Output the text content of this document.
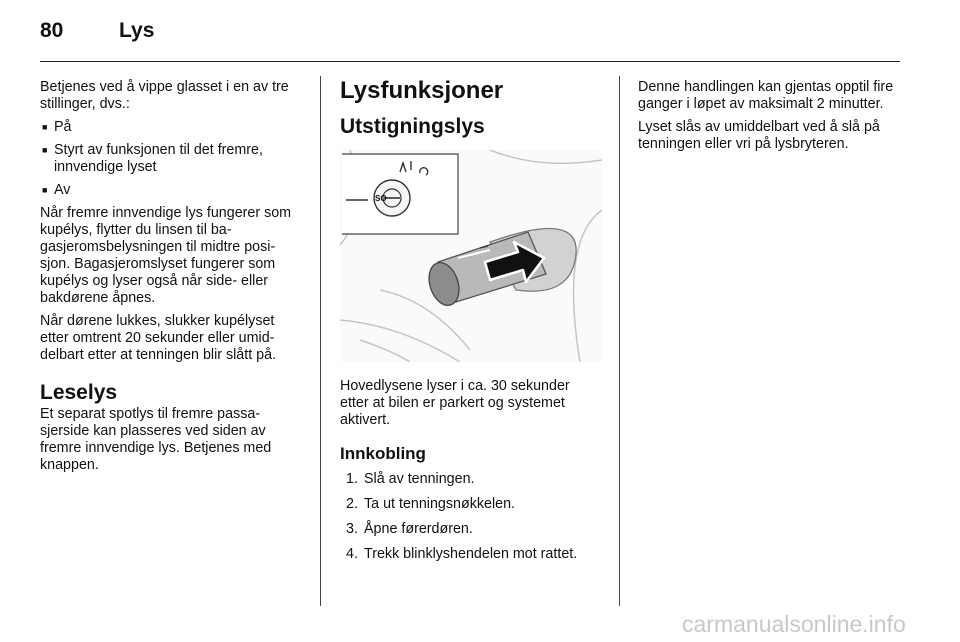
80	Lys

Betjenes ved å vippe glasset i en av tre stillinger, dvs.:

■ På
■ Styrt av funksjonen til det fremre, innvendige lyset
■ Av

Når fremre innvendige lys fungerer som kupélys, flytter du linsen til ba-gasjeromsbelysningen til midtre posi-sjon. Bagasjeromslyset fungerer som kupélys og lyser også når side- eller bakdørene åpnes.

Når dørene lukkes, slukker kupélyset etter omtrent 20 sekunder eller umid-delbart etter at tenningen blir slått på.

Leselys

Et separat spotlys til fremre passa-sjerside kan plasseres ved siden av fremre innvendige lys. Betjenes med knappen.

Lysfunksjoner
Utstigningslys

Hovedlysene lyser i ca. 30 sekunder etter at bilen er parkert og systemet aktivert.

Innkobling
1. Slå av tenningen.
2. Ta ut tenningsnøkkelen.
3. Åpne førerdøren.
4. Trekk blinklyshendelen mot rattet.
SO

Denne handlingen kan gjentas opptil fire ganger i løpet av maksimalt 2 minutter.

Lyset slås av umiddelbart ved å slå på tenningen eller vri på lysbryteren.

carmanualsonline.info
